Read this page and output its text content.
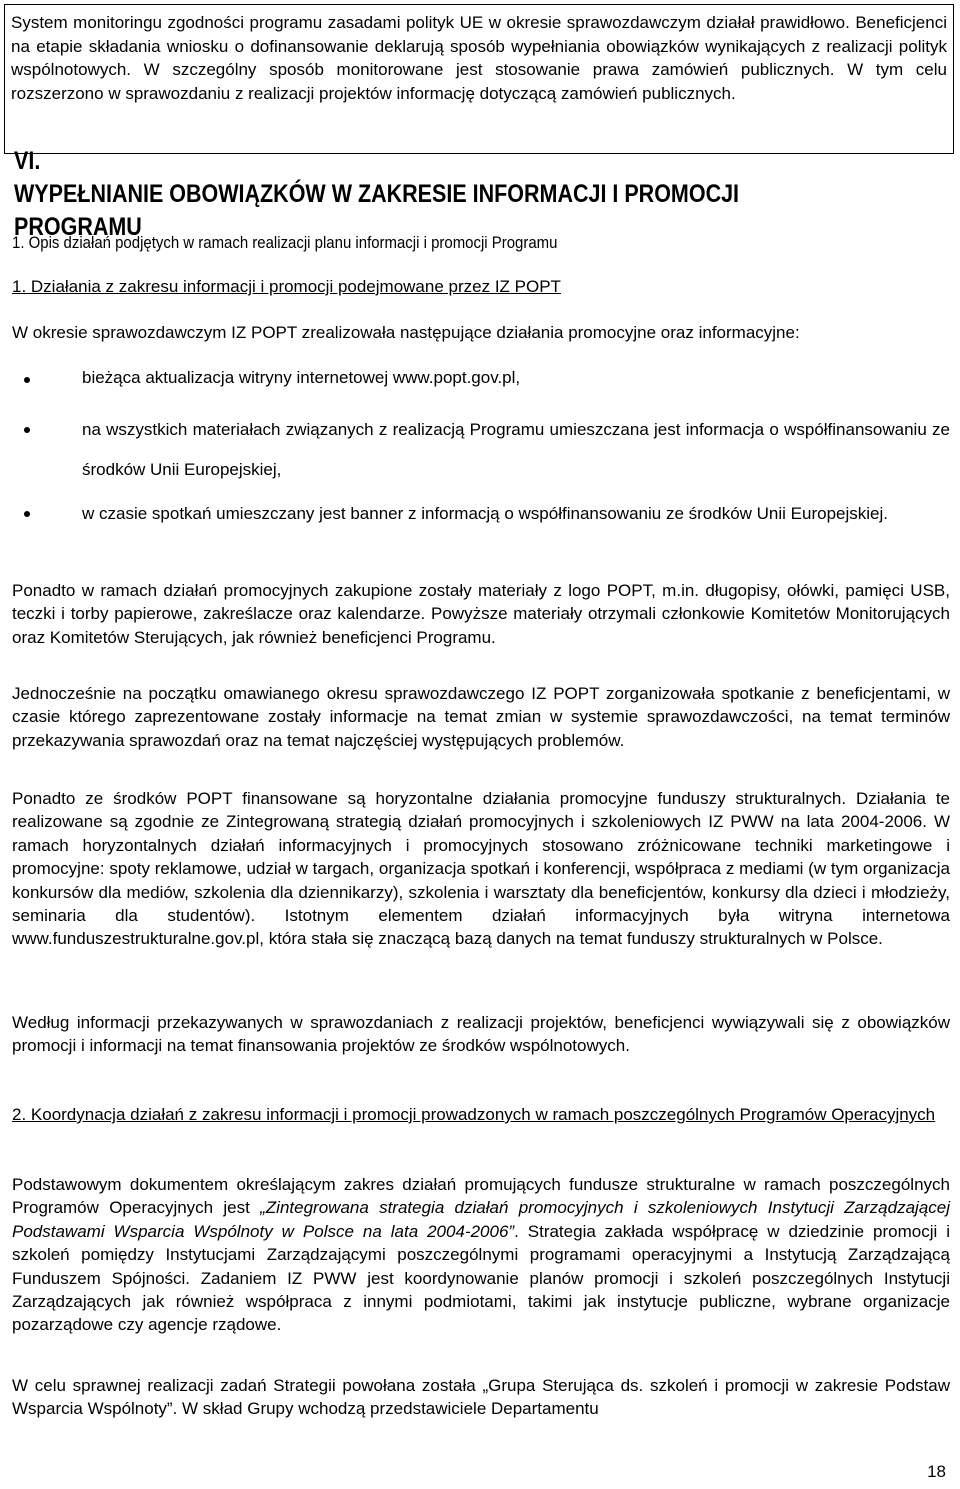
System monitoringu zgodności programu zasadami polityk UE w okresie sprawozdawczym działał prawidłowo. Beneficjenci na etapie składania wniosku o dofinansowanie deklarują sposób wypełniania obowiązków wynikających z realizacji polityk wspólnotowych. W szczególny sposób monitorowane jest stosowanie prawa zamówień publicznych. W tym celu rozszerzono w sprawozdaniu z realizacji projektów informację dotyczącą zamówień publicznych.
VI.WYPEŁNIANIE OBOWIĄZKÓW W ZAKRESIE INFORMACJI I PROMOCJI PROGRAMU
1. Opis działań podjętych w ramach realizacji planu informacji i promocji Programu
1. Działania z zakresu informacji i promocji podejmowane przez IZ POPT
W okresie sprawozdawczym IZ POPT zrealizowała następujące działania promocyjne oraz informacyjne:
bieżąca aktualizacja witryny internetowej www.popt.gov.pl,
na wszystkich materiałach związanych z realizacją Programu umieszczana jest informacja o współfinansowaniu ze środków Unii Europejskiej,
w czasie spotkań umieszczany jest banner z informacją o współfinansowaniu ze środków Unii Europejskiej.
Ponadto w ramach działań promocyjnych zakupione zostały materiały z logo POPT, m.in. długopisy, ołówki, pamięci USB, teczki i torby papierowe, zakreślacze oraz kalendarze. Powyższe materiały otrzymali członkowie Komitetów Monitorujących oraz Komitetów Sterujących, jak również beneficjenci Programu.
Jednocześnie na początku omawianego okresu sprawozdawczego IZ POPT zorganizowała spotkanie z beneficjentami, w czasie którego zaprezentowane zostały informacje na temat zmian w systemie sprawozdawczości, na temat terminów przekazywania sprawozdań oraz na temat najczęściej występujących problemów.
Ponadto ze środków POPT finansowane są horyzontalne działania promocyjne funduszy strukturalnych. Działania te realizowane są zgodnie ze Zintegrowaną strategią działań promocyjnych i szkoleniowych IZ PWW na lata 2004-2006. W ramach horyzontalnych działań informacyjnych i promocyjnych stosowano zróżnicowane techniki marketingowe i promocyjne: spoty reklamowe, udział w targach, organizacja spotkań i konferencji, współpraca z mediami (w tym organizacja konkursów dla mediów, szkolenia dla dziennikarzy), szkolenia i warsztaty dla beneficjentów, konkursy dla dzieci i młodzieży, seminaria dla studentów). Istotnym elementem działań informacyjnych była witryna internetowa www.funduszestrukturalne.gov.pl, która stała się znaczącą bazą danych na temat funduszy strukturalnych w Polsce.
Według informacji przekazywanych w sprawozdaniach z realizacji projektów, beneficjenci wywiązywali się z obowiązków promocji i informacji na temat finansowania projektów ze środków wspólnotowych.
2. Koordynacja działań z zakresu informacji i promocji prowadzonych w ramach poszczególnych Programów Operacyjnych
Podstawowym dokumentem określającym zakres działań promujących fundusze strukturalne w ramach poszczególnych Programów Operacyjnych jest „Zintegrowana strategia działań promocyjnych i szkoleniowych Instytucji Zarządzającej Podstawami Wsparcia Wspólnoty w Polsce na lata 2004-2006”. Strategia zakłada współpracę w dziedzinie promocji i szkoleń pomiędzy Instytucjami Zarządzającymi poszczególnymi programami operacyjnymi a Instytucją Zarządzającą Funduszem Spójności. Zadaniem IZ PWW jest koordynowanie planów promocji i szkoleń poszczególnych Instytucji Zarządzających jak również współpraca z innymi podmiotami, takimi jak instytucje publiczne, wybrane organizacje pozarządowe czy agencje rządowe.
W celu sprawnej realizacji zadań Strategii powołana została „Grupa Sterująca ds. szkoleń i promocji w zakresie Podstaw Wsparcia Wspólnoty”. W skład Grupy wchodzą przedstawiciele Departamentu
18
